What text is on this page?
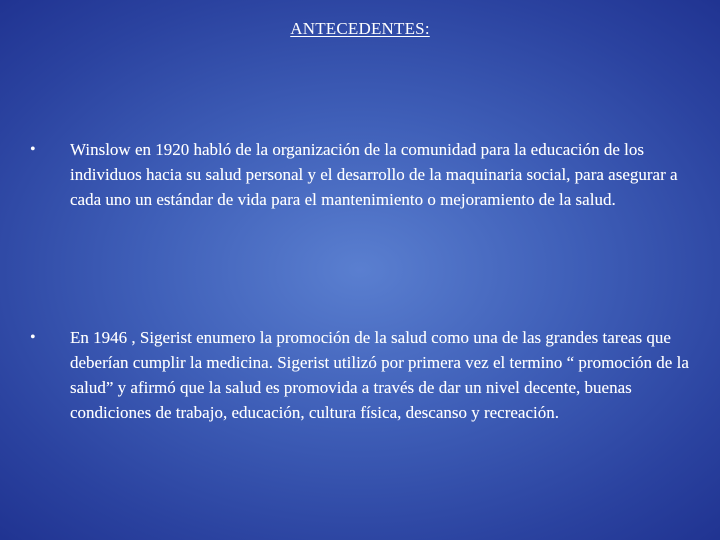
ANTECEDENTES:
•	Winslow en 1920 habló de la organización de la comunidad para la educación de los individuos hacia su salud personal y el desarrollo de la maquinaria social, para asegurar a cada uno un estándar de vida para el mantenimiento o mejoramiento de la salud.
•	En 1946 , Sigerist enumero la promoción de la salud como una de las grandes tareas que deberían cumplir la medicina. Sigerist utilizó por primera vez el termino “ promoción de la salud” y afirmó que la salud es promovida a través de dar un nivel decente, buenas condiciones de trabajo, educación, cultura física, descanso y recreación.
